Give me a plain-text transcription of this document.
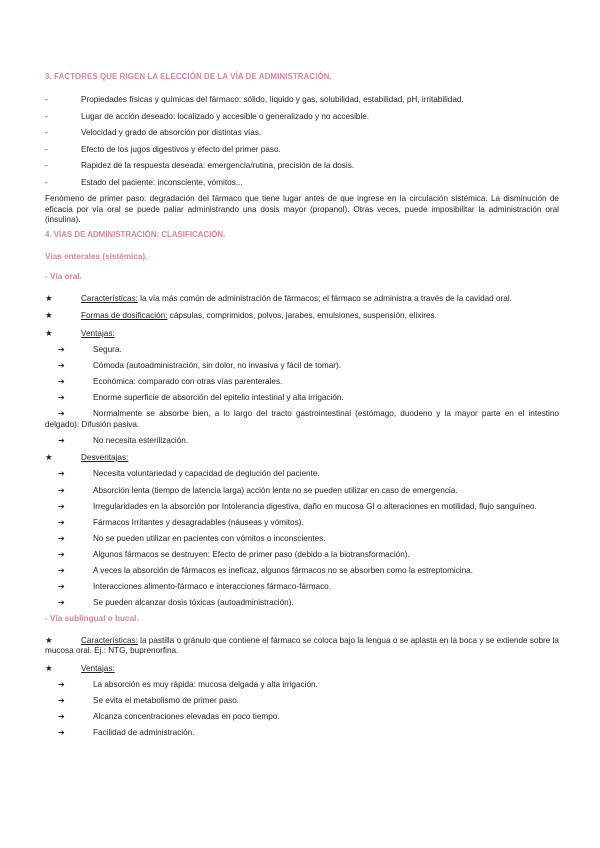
3. FACTORES QUE RIGEN LA ELECCIÓN DE LA VÍA DE ADMINISTRACIÓN.
-	Propiedades físicas y químicas del fármaco: sólido, líquido y gas, solubilidad, estabilidad, pH, irritabilidad.
-	Lugar de acción deseado: localizado y accesible o generalizado y no accesible.
-	Velocidad y grado de absorción por distintas vías.
-	Efecto de los jugos digestivos y efecto del primer paso.
-	Rapidez de la respuesta deseada: emergencia/rutina, precisión de la dosis.
-	Estado del paciente: inconsciente, vómitos...

Fenómeno de primer paso: degradación del fármaco que tiene lugar antes de que ingrese en la circulación sistémica. La disminución de eficacia por vía oral se puede paliar administrando una dosis mayor (propanol). Otras veces, puede imposibilitar la administración oral (insulina).

4. VÍAS DE ADMINISTRACIÓN: CLASIFICACIÓN.
Vías enterales (sistémica).
- Vía oral.
★	Características: la vía más común de administración de fármacos; el fármaco se administra a través de la cavidad oral.
★	Formas de dosificación: cápsulas, comprimidos, polvos, jarabes, emulsiones, suspensión, elixires.
★	Ventajas:
➔	Segura.
➔	Cómoda (autoadministración, sin dolor, no invasiva y fácil de tomar).
➔	Económica: comparado con otras vías parenterales.
➔	Enorme superficie de absorción del epitelio intestinal y alta irrigación.
➔	Normalmente se absorbe bien, a lo largo del tracto gastrointestinal (estómago, duodeno y la mayor parte en el intestino delgado): Difusión pasiva.
➔	No necesita esterilización.
★	Desventajas:
➔	Necesita voluntariedad y capacidad de deglución del paciente.
➔	Absorción lenta (tiempo de latencia larga) acción lenta no se pueden utilizar en caso de emergencia.
➔	Irregularidades en la absorción por Intolerancia digestiva, daño en mucosa GI o alteraciones en motilidad, flujo sanguíneo.
➔	Fármacos Irritantes y desagradables (náuseas y vómitos).
➔	No se pueden utilizar en pacientes con vómitos o inconscientes.
➔	Algunos fármacos se destruyen: Efecto de primer paso (debido a la biotransformación).
➔	A veces la absorción de fármacos es ineficaz, algunos fármacos no se absorben como la estreptomicina.
➔	Interacciones alimento-fármaco e interacciones fármaco-fármaco.
➔	Se pueden alcanzar dosis tóxicas (autoadministración).
- Vía sublingual o bucal.
★	Características: la pastilla o gránulo que contiene el fármaco se coloca bajo la lengua o se aplasta en la boca y se extiende sobre la mucosa oral. Ej.: NTG, buprenorfina.
★	Ventajas:
➔	La absorción es muy rápida: mucosa delgada y alta irrigación.
➔	Se evita el metabolismo de primer paso.
➔	Alcanza concentraciones elevadas en poco tiempo.
➔	Facilidad de administración.
